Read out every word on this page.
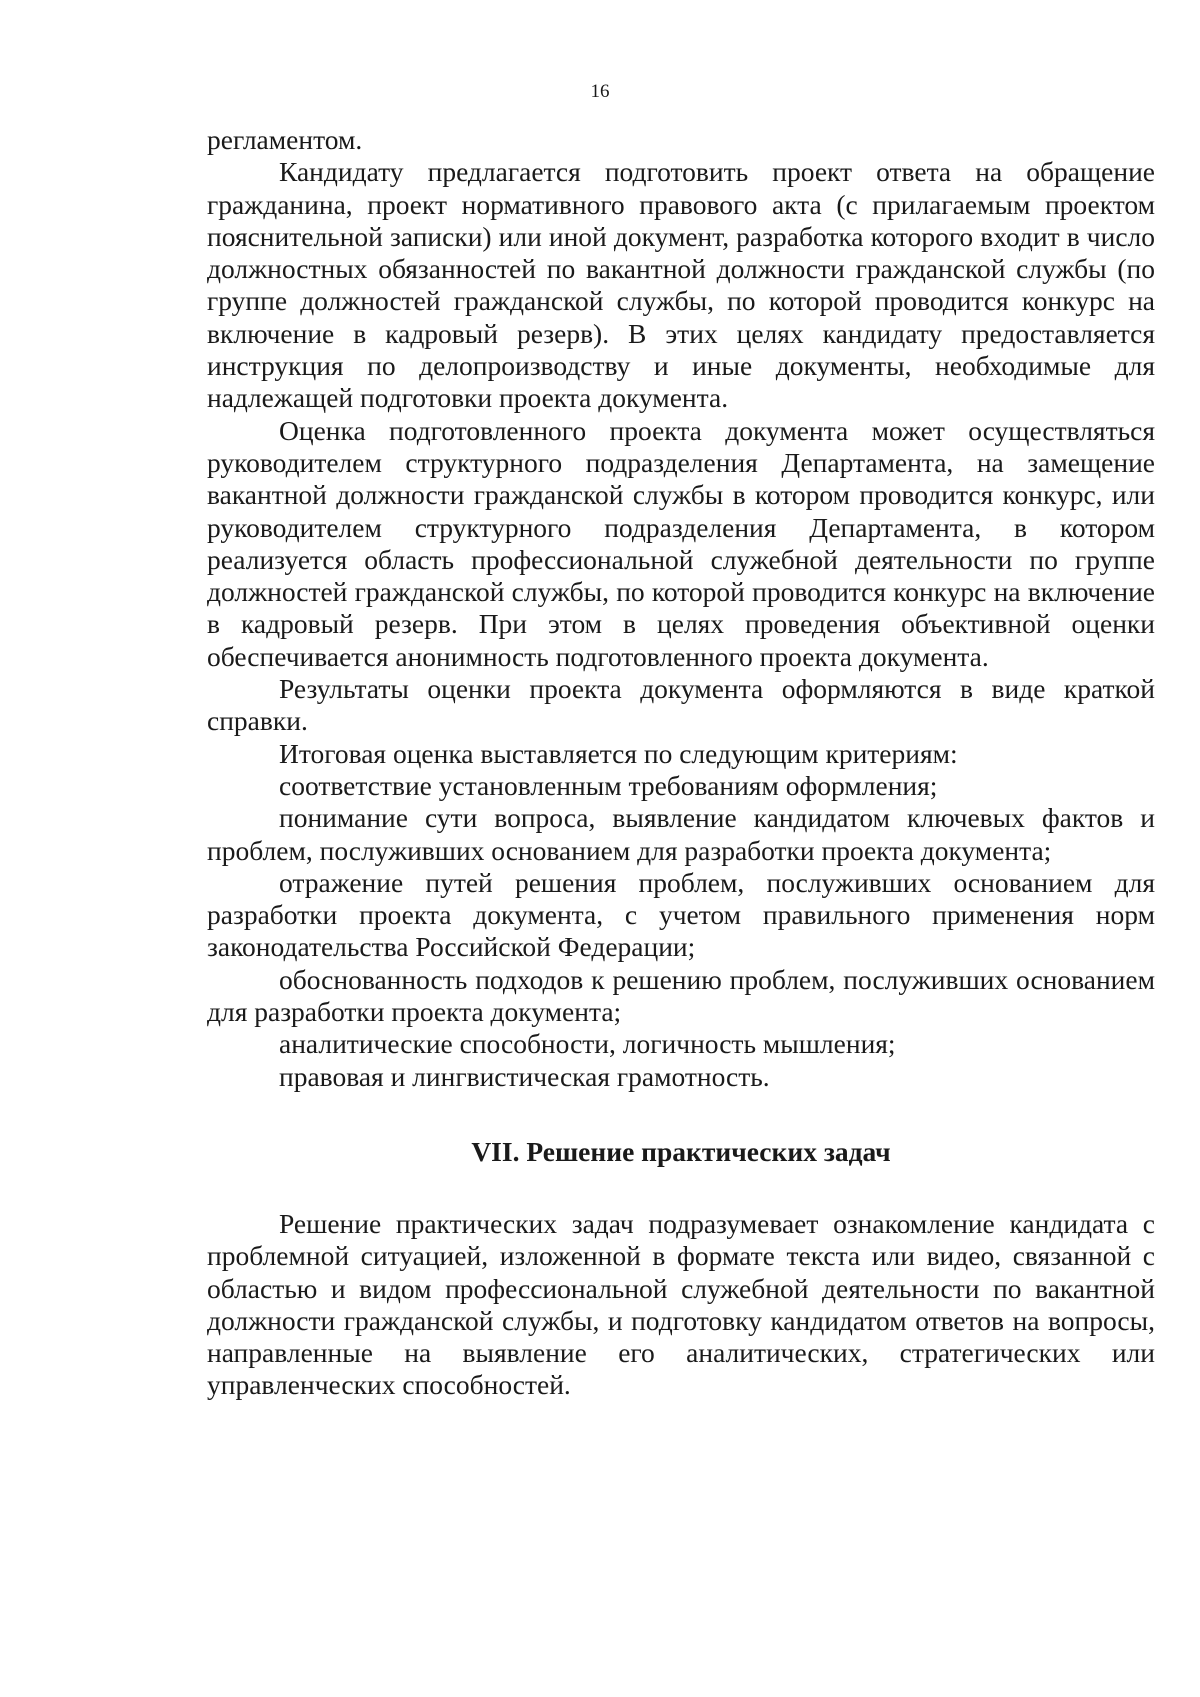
16

регламентом.

Кандидату предлагается подготовить проект ответа на обращение гражданина, проект нормативного правового акта (с прилагаемым проектом пояснительной записки) или иной документ, разработка которого входит в число должностных обязанностей по вакантной должности гражданской службы (по группе должностей гражданской службы, по которой проводится конкурс на включение в кадровый резерв). В этих целях кандидату предоставляется инструкция по делопроизводству и иные документы, необходимые для надлежащей подготовки проекта документа.

Оценка подготовленного проекта документа может осуществляться руководителем структурного подразделения Департамента, на замещение вакантной должности гражданской службы в котором проводится конкурс, или руководителем структурного подразделения Департамента, в котором реализуется область профессиональной служебной деятельности по группе должностей гражданской службы, по которой проводится конкурс на включение в кадровый резерв. При этом в целях проведения объективной оценки обеспечивается анонимность подготовленного проекта документа.

Результаты оценки проекта документа оформляются в виде краткой справки.

Итоговая оценка выставляется по следующим критериям:

соответствие установленным требованиям оформления;

понимание сути вопроса, выявление кандидатом ключевых фактов и проблем, послуживших основанием для разработки проекта документа;

отражение путей решения проблем, послуживших основанием для разработки проекта документа, с учетом правильного применения норм законодательства Российской Федерации;

обоснованность подходов к решению проблем, послуживших основанием для разработки проекта документа;

аналитические способности, логичность мышления;

правовая и лингвистическая грамотность.

VII. Решение практических задач

Решение практических задач подразумевает ознакомление кандидата с проблемной ситуацией, изложенной в формате текста или видео, связанной с областью и видом профессиональной служебной деятельности по вакантной должности гражданской службы, и подготовку кандидатом ответов на вопросы, направленные на выявление его аналитических, стратегических или управленческих способностей.
